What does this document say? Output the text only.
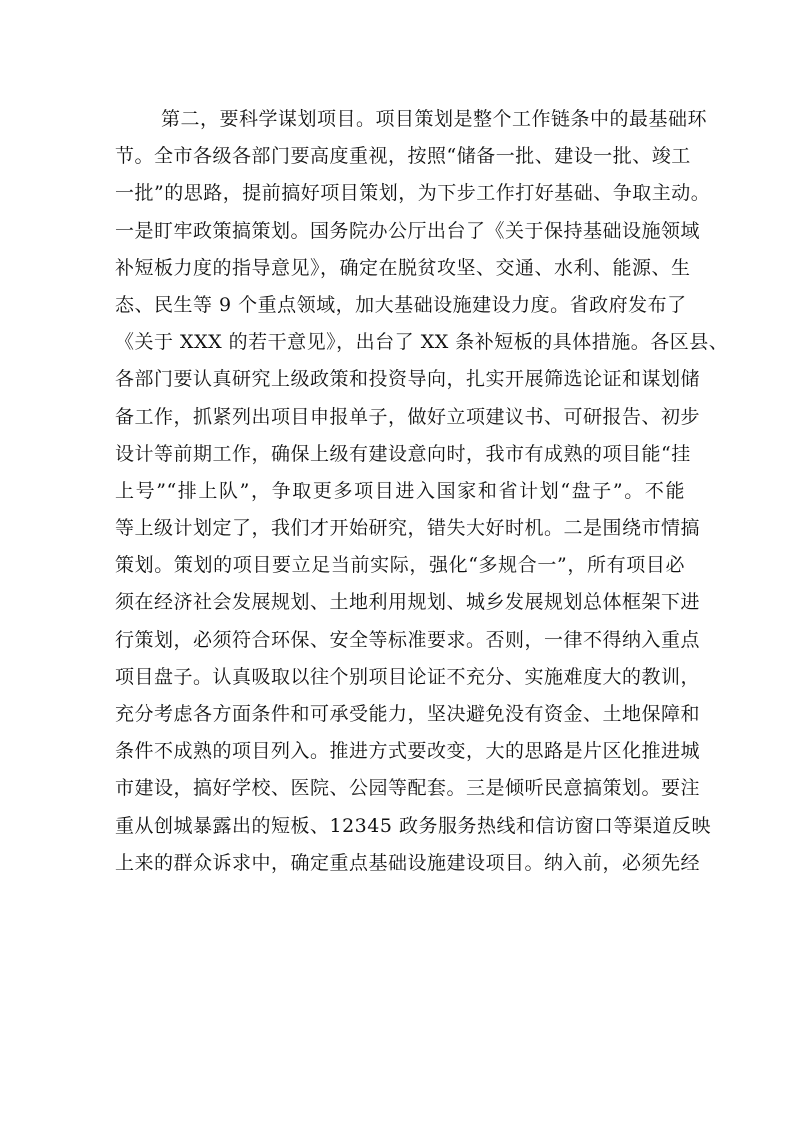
第二，要科学谋划项目。项目策划是整个工作链条中的最基础环
节。全市各级各部门要高度重视，按照“储备一批、建设一批、竣工
一批”的思路，提前搞好项目策划，为下步工作打好基础、争取主动。
一是盯牢政策搞策划。国务院办公厅出台了《关于保持基础设施领域
补短板力度的指导意见》，确定在脱贫攻坚、交通、水利、能源、生
态、民生等 9 个重点领域，加大基础设施建设力度。省政府发布了
《关于 XXX 的若干意见》，出台了 XX 条补短板的具体措施。各区县、
各部门要认真研究上级政策和投资导向，扎实开展筛选论证和谋划储
备工作，抓紧列出项目申报单子，做好立项建议书、可研报告、初步
设计等前期工作，确保上级有建设意向时，我市有成熟的项目能“挂
上号”“排上队”，争取更多项目进入国家和省计划“盘子”。不能
等上级计划定了，我们才开始研究，错失大好时机。二是围绕市情搞
策划。策划的项目要立足当前实际，强化“多规合一”，所有项目必
须在经济社会发展规划、土地利用规划、城乡发展规划总体框架下进
行策划，必须符合环保、安全等标准要求。否则，一律不得纳入重点
项目盘子。认真吸取以往个别项目论证不充分、实施难度大的教训，
充分考虑各方面条件和可承受能力，坚决避免没有资金、土地保障和
条件不成熟的项目列入。推进方式要改变，大的思路是片区化推进城
市建设，搞好学校、医院、公园等配套。三是倾听民意搞策划。要注
重从创城暴露出的短板、12345 政务服务热线和信访窗口等渠道反映
上来的群众诉求中，确定重点基础设施建设项目。纳入前，必须先经
